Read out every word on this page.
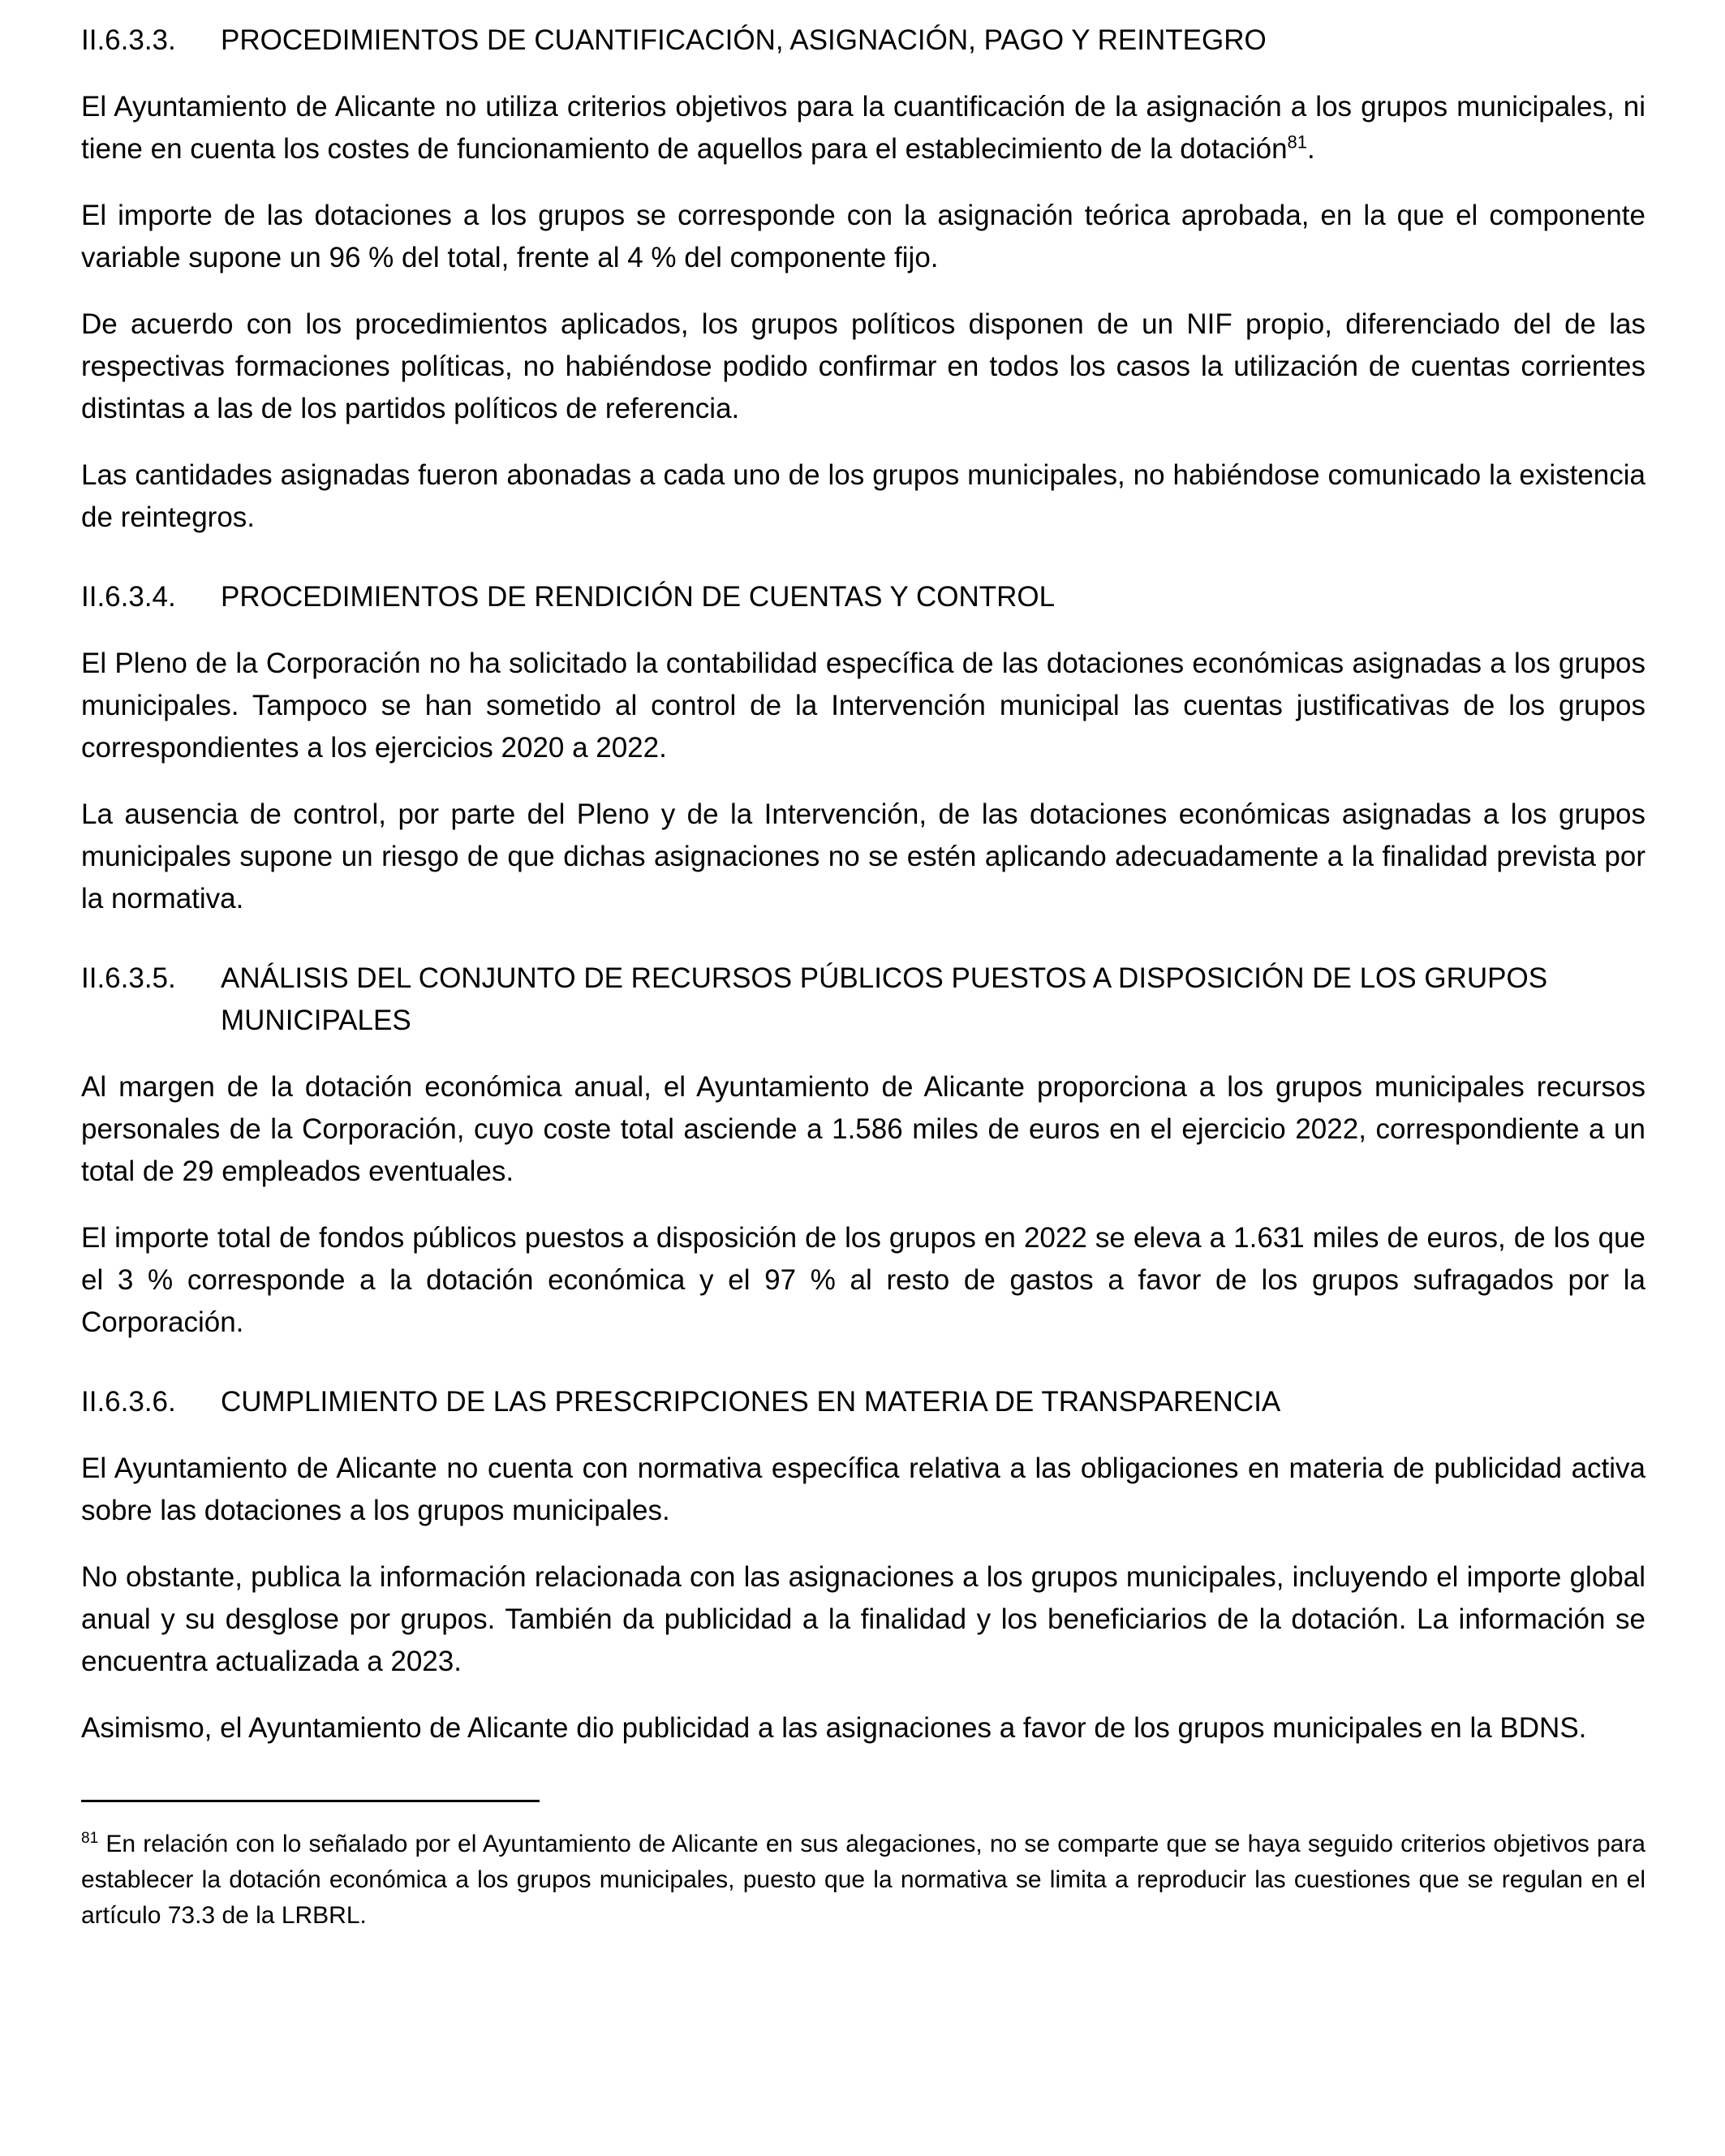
II.6.3.3.	PROCEDIMIENTOS DE CUANTIFICACIÓN, ASIGNACIÓN, PAGO Y REINTEGRO

El Ayuntamiento de Alicante no utiliza criterios objetivos para la cuantificación de la asignación a los grupos municipales, ni tiene en cuenta los costes de funcionamiento de aquellos para el establecimiento de la dotación$^{81}$.

El importe de las dotaciones a los grupos se corresponde con la asignación teórica aprobada, en la que el componente variable supone un 96 % del total, frente al 4 % del componente fijo.

De acuerdo con los procedimientos aplicados, los grupos políticos disponen de un NIF propio, diferenciado del de las respectivas formaciones políticas, no habiéndose podido confirmar en todos los casos la utilización de cuentas corrientes distintas a las de los partidos políticos de referencia.

Las cantidades asignadas fueron abonadas a cada uno de los grupos municipales, no habiéndose comunicado la existencia de reintegros.

II.6.3.4.	PROCEDIMIENTOS DE RENDICIÓN DE CUENTAS Y CONTROL

El Pleno de la Corporación no ha solicitado la contabilidad específica de las dotaciones económicas asignadas a los grupos municipales. Tampoco se han sometido al control de la Intervención municipal las cuentas justificativas de los grupos correspondientes a los ejercicios 2020 a 2022.

La ausencia de control, por parte del Pleno y de la Intervención, de las dotaciones económicas asignadas a los grupos municipales supone un riesgo de que dichas asignaciones no se estén aplicando adecuadamente a la finalidad prevista por la normativa.

II.6.3.5.	ANÁLISIS DEL CONJUNTO DE RECURSOS PÚBLICOS PUESTOS A DISPOSICIÓN DE LOS GRUPOS MUNICIPALES

Al margen de la dotación económica anual, el Ayuntamiento de Alicante proporciona a los grupos municipales recursos personales de la Corporación, cuyo coste total asciende a 1.586 miles de euros en el ejercicio 2022, correspondiente a un total de 29 empleados eventuales.

El importe total de fondos públicos puestos a disposición de los grupos en 2022 se eleva a 1.631 miles de euros, de los que el 3 % corresponde a la dotación económica y el 97 % al resto de gastos a favor de los grupos sufragados por la Corporación.

II.6.3.6.	CUMPLIMIENTO DE LAS PRESCRIPCIONES EN MATERIA DE TRANSPARENCIA

El Ayuntamiento de Alicante no cuenta con normativa específica relativa a las obligaciones en materia de publicidad activa sobre las dotaciones a los grupos municipales.

No obstante, publica la información relacionada con las asignaciones a los grupos municipales, incluyendo el importe global anual y su desglose por grupos. También da publicidad a la finalidad y los beneficiarios de la dotación. La información se encuentra actualizada a 2023.

Asimismo, el Ayuntamiento de Alicante dio publicidad a las asignaciones a favor de los grupos municipales en la BDNS.

$^{81}$ En relación con lo señalado por el Ayuntamiento de Alicante en sus alegaciones, no se comparte que se haya seguido criterios objetivos para establecer la dotación económica a los grupos municipales, puesto que la normativa se limita a reproducir las cuestiones que se regulan en el artículo 73.3 de la LRBRL.
